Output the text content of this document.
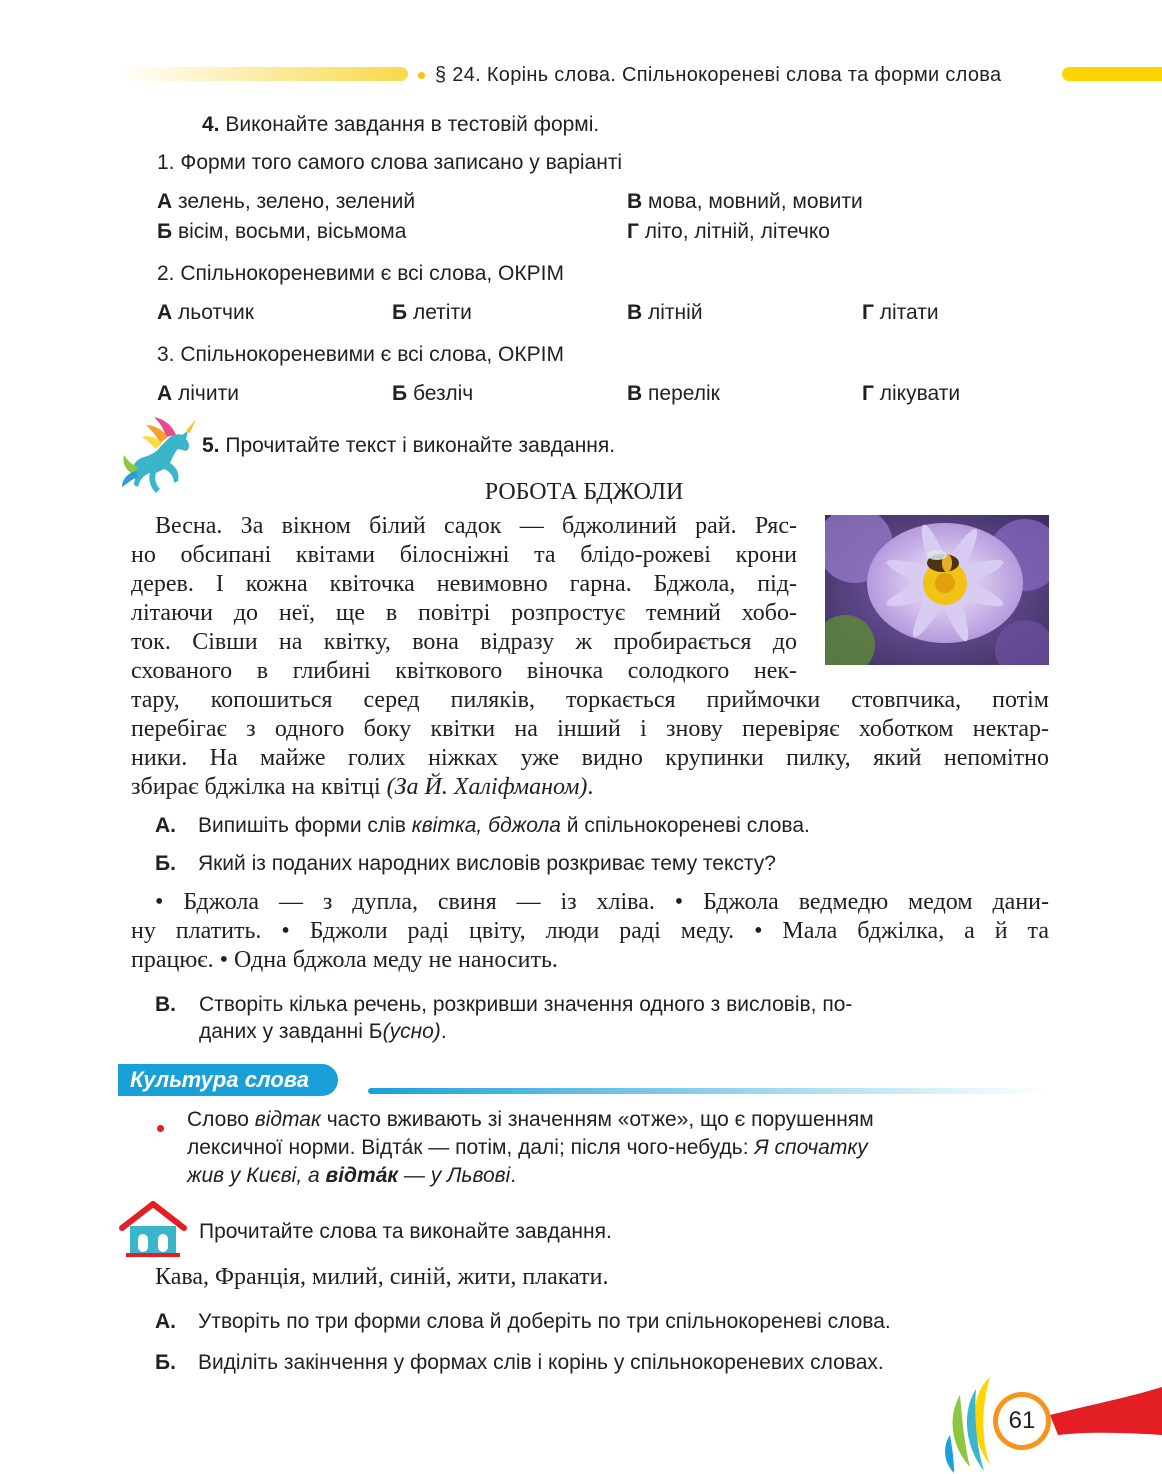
§ 24. Корінь слова. Спільнокореневі слова та форми слова
4. Виконайте завдання в тестовій формі.
1. Форми того самого слова записано у варіанті
А зелень, зелено, зелений	В мова, мовний, мовити
Б вісім, восьми, вісьмома	Г літо, літній, літечко
2. Спільнокореневими є всі слова, ОКРІМ
А льотчик	Б летіти	В літній	Г літати
3. Спільнокореневими є всі слова, ОКРІМ
А лічити	Б безліч	В перелік	Г лікувати
5. Прочитайте текст і виконайте завдання.
РОБОТА БДЖОЛИ
Весна. За вікном білий садок — бджолиний рай. Ряс-
но обсипані квітами білосніжні та блідо-рожеві крони
дерев. І кожна квіточка невимовно гарна. Бджола, під-
літаючи до неї, ще в повітрі розпростує темний хобо-
ток. Сівши на квітку, вона відразу ж пробирається до
схованого в глибині квіткового віночка солодкого нек-
тару, копошиться серед пиляків, торкається приймочки стовпчика, потім
перебігає з одного боку квітки на інший і знову перевіряє хоботком нектар-
ники. На майже голих ніжках уже видно крупинки пилку, який непомітно
збирає бджілка на квітці (За Й. Халіфманом).
А. Випишіть форми слів квітка, бджола й спільнокореневі слова.
Б. Який із поданих народних висловів розкриває тему тексту?
• Бджола — з дупла, свиня — із хліва. • Бджола ведмедю медом дани-
ну платить. • Бджоли раді цвіту, люди раді меду. • Мала бджілка, а й та
працює. • Одна бджола меду не наносить.
В. Створіть кілька речень, розкривши значення одного з висловів, по-
даних у завданні Б(усно).
Культура слова
Слово відтак часто вживають зі значенням «отже», що є порушенням
лексичної норми. Відта́к — потім, далі; після чого-небудь: Я спочатку
жив у Києві, а відта́к — у Львові.
Прочитайте слова та виконайте завдання.
Кава, Франція, милий, синій, жити, плакати.
А. Утворіть по три форми слова й доберіть по три спільнокореневі слова.
Б. Виділіть закінчення у формах слів і корінь у спільнокореневих словах.
61
